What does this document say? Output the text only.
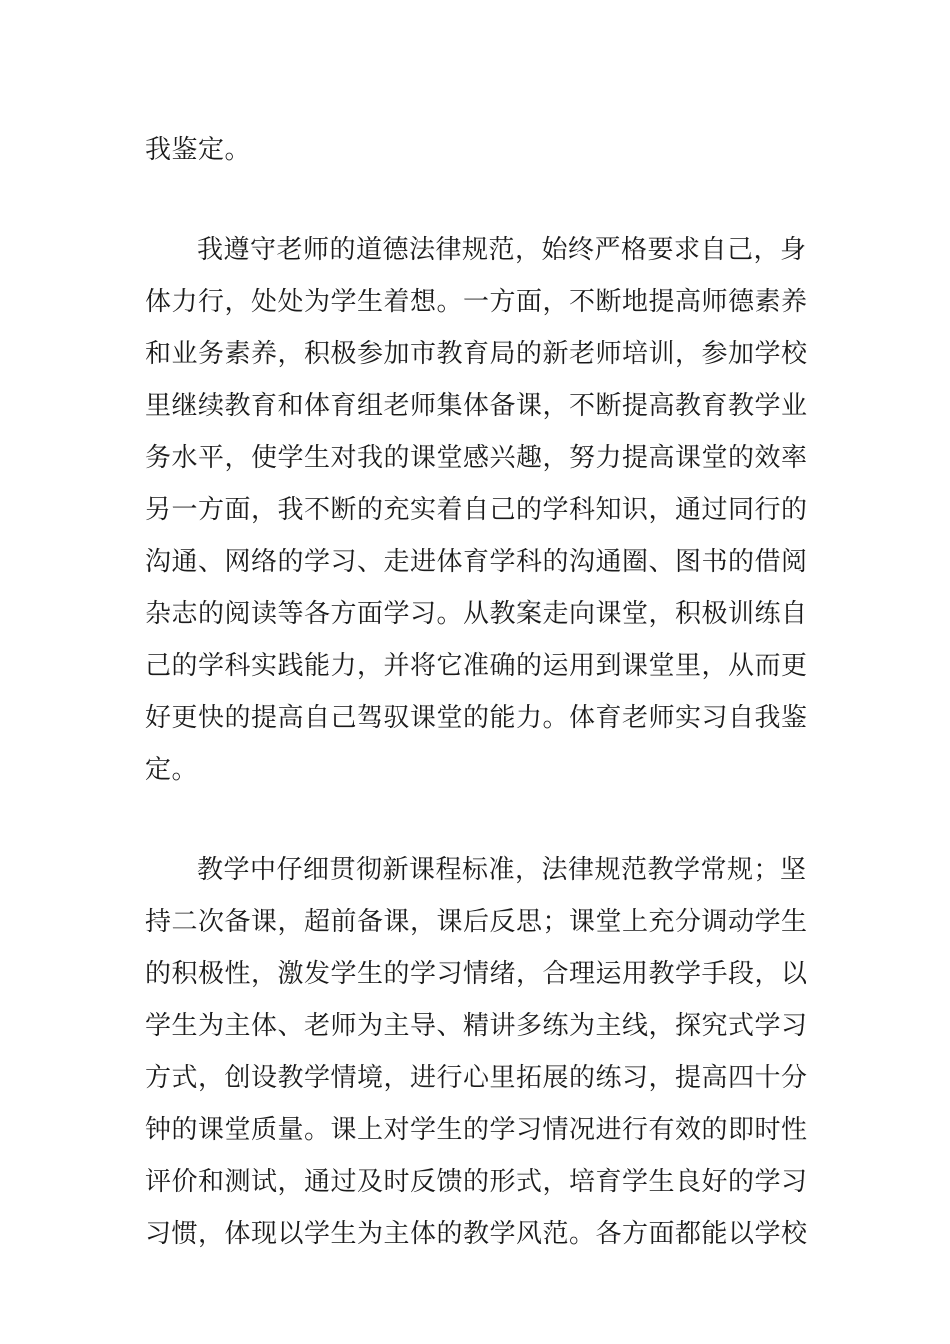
我鉴定。
我遵守老师的道德法律规范，始终严格要求自己，身
体力行，处处为学生着想。一方面，不断地提高师德素养
和业务素养，积极参加市教育局的新老师培训，参加学校
里继续教育和体育组老师集体备课，不断提高教育教学业
务水平，使学生对我的课堂感兴趣，努力提高课堂的效率
另一方面，我不断的充实着自己的学科知识，通过同行的
沟通、网络的学习、走进体育学科的沟通圈、图书的借阅
杂志的阅读等各方面学习。从教案走向课堂，积极训练自
己的学科实践能力，并将它准确的运用到课堂里，从而更
好更快的提高自己驾驭课堂的能力。体育老师实习自我鉴
定。
教学中仔细贯彻新课程标准，法律规范教学常规；坚
持二次备课，超前备课，课后反思；课堂上充分调动学生
的积极性，激发学生的学习情绪，合理运用教学手段，以
学生为主体、老师为主导、精讲多练为主线，探究式学习
方式，创设教学情境，进行心里拓展的练习，提高四十分
钟的课堂质量。课上对学生的学习情况进行有效的即时性
评价和测试，通过及时反馈的形式，培育学生良好的学习
习惯，体现以学生为主体的教学风范。各方面都能以学校
